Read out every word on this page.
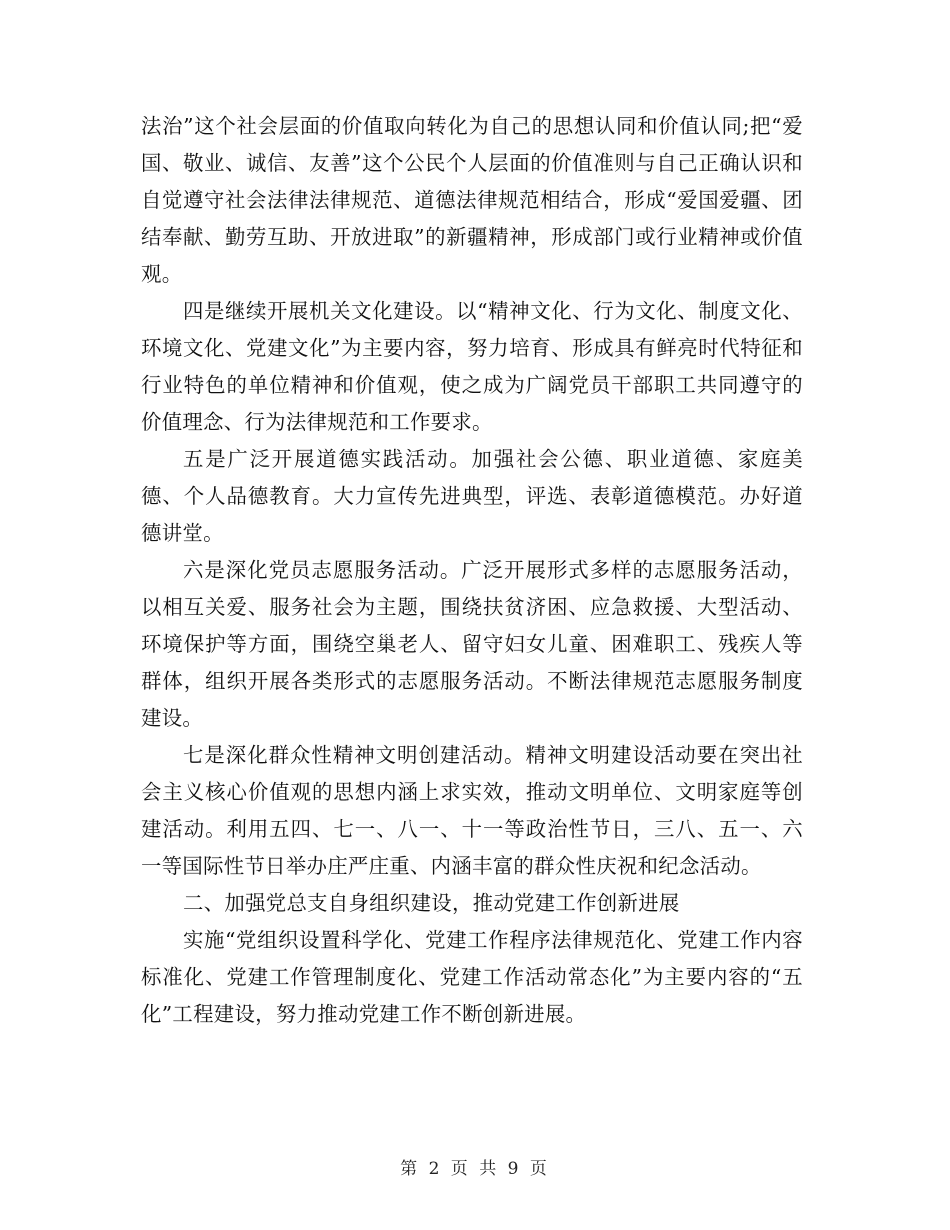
法治”这个社会层面的价值取向转化为自己的思想认同和价值认同;把“爱国、敬业、诚信、友善”这个公民个人层面的价值准则与自己正确认识和自觉遵守社会法律法律规范、道德法律规范相结合，形成“爱国爱疆、团结奉献、勤劳互助、开放进取”的新疆精神，形成部门或行业精神或价值观。

四是继续开展机关文化建设。以“精神文化、行为文化、制度文化、环境文化、党建文化”为主要内容，努力培育、形成具有鲜亮时代特征和行业特色的单位精神和价值观，使之成为广阔党员干部职工共同遵守的价值理念、行为法律规范和工作要求。

五是广泛开展道德实践活动。加强社会公德、职业道德、家庭美德、个人品德教育。大力宣传先进典型，评选、表彰道德模范。办好道德讲堂。

六是深化党员志愿服务活动。广泛开展形式多样的志愿服务活动，以相互关爱、服务社会为主题，围绕扶贫济困、应急救援、大型活动、环境保护等方面，围绕空巢老人、留守妇女儿童、困难职工、残疾人等群体，组织开展各类形式的志愿服务活动。不断法律规范志愿服务制度建设。

七是深化群众性精神文明创建活动。精神文明建设活动要在突出社会主义核心价值观的思想内涵上求实效，推动文明单位、文明家庭等创建活动。利用五四、七一、八一、十一等政治性节日，三八、五一、六一等国际性节日举办庄严庄重、内涵丰富的群众性庆祝和纪念活动。

二、加强党总支自身组织建设，推动党建工作创新进展

实施“党组织设置科学化、党建工作程序法律规范化、党建工作内容标准化、党建工作管理制度化、党建工作活动常态化”为主要内容的“五化”工程建设，努力推动党建工作不断创新进展。

第 2 页 共 9 页
